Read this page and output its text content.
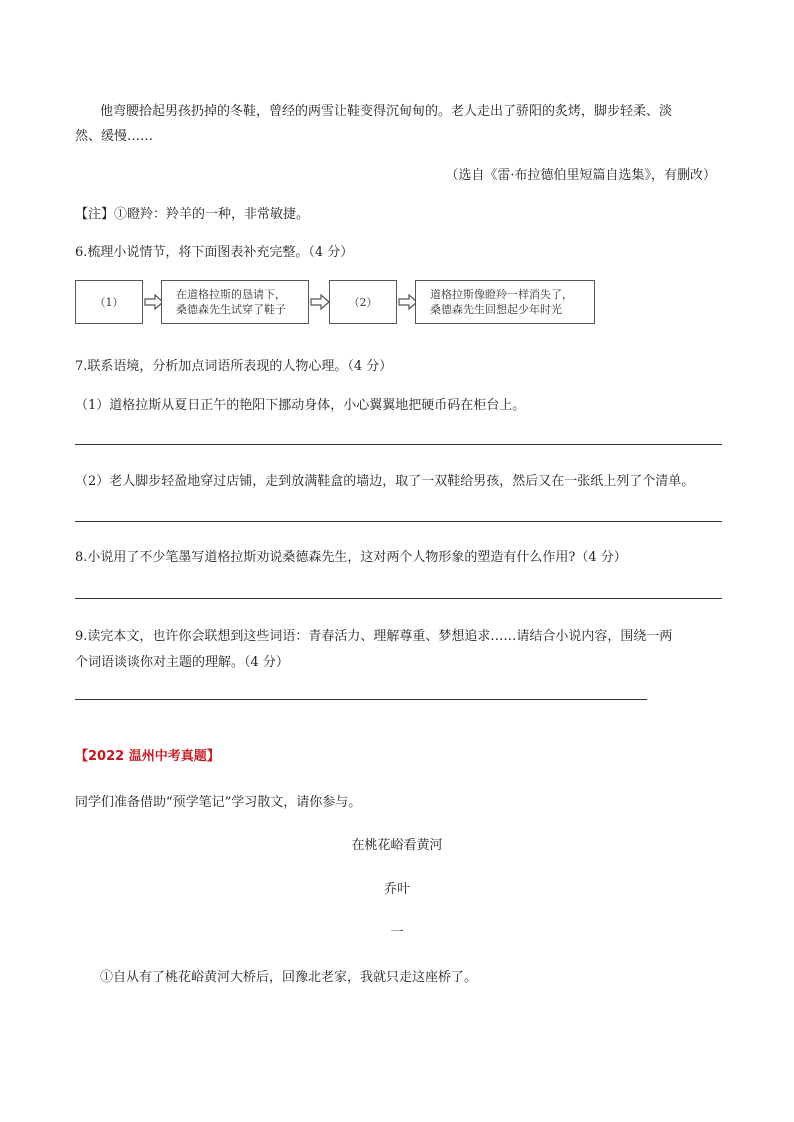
他弯腰拾起男孩扔掉的冬鞋，曾经的两雪让鞋变得沉甸甸的。老人走出了骄阳的炙烤，脚步轻柔、淡
然、缓慢……
（选自《雷·布拉德伯里短篇自选集》，有删改）
【注】①瞪羚：羚羊的一种，非常敏捷。
6.梳理小说情节，将下面图表补充完整。（4 分）
（1）
在道格拉斯的恳请下，
桑德森先生试穿了鞋子
（2）
道格拉斯像瞪羚一样消失了，
桑德森先生回想起少年时光
7.联系语境，分析加点词语所表现的人物心理。（4 分）
（1）道格拉斯从夏日正午的艳阳下挪动身体，小心翼翼地把硬币码在柜台上。
（2）老人脚步轻盈地穿过店铺，走到放满鞋盒的墙边，取了一双鞋给男孩，然后又在一张纸上列了个清单。
8.小说用了不少笔墨写道格拉斯劝说桑德森先生，这对两个人物形象的塑造有什么作用?（4 分）
9.读完本文，也许你会联想到这些词语：青春活力、理解尊重、梦想追求……请结合小说内容，围绕一两
个词语谈谈你对主题的理解。（4 分）
【2022 温州中考真题】
同学们准备借助“预学笔记”学习散文，请你参与。
在桃花峪看黄河
乔叶
一
①自从有了桃花峪黄河大桥后，回豫北老家，我就只走这座桥了。
